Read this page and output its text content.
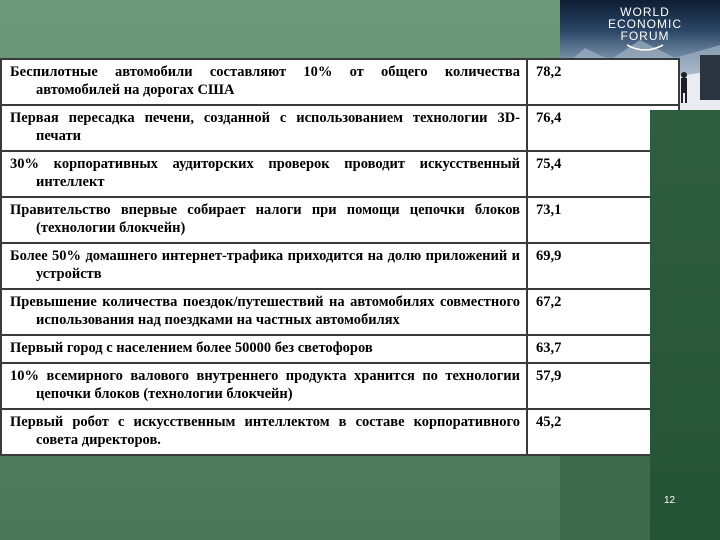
WORLD
ECONOMIC
FORUM
Беспилотные автомобили составляют 10% от общего количества автомобилей на дорогах США	78,2

Первая пересадка печени, созданной с использованием технологии 3D-печати	76,4

30% корпоративных аудиторских проверок проводит искусственный интеллект	75,4

Правительство впервые собирает налоги при помощи цепочки блоков (технологии блокчейн)	73,1

Более 50% домашнего интернет-трафика приходится на долю приложений и устройств	69,9

Превышение количества поездок/путешествий на автомобилях совместного использования над поездками на частных автомобилях	67,2

Первый город с населением более 50000 без светофоров	63,7

10% всемирного валового внутреннего продукта хранится по технологии цепочки блоков (технологии блокчейн)	57,9

Первый робот с искусственным интеллектом в составе корпоративного совета директоров.	45,2
12
